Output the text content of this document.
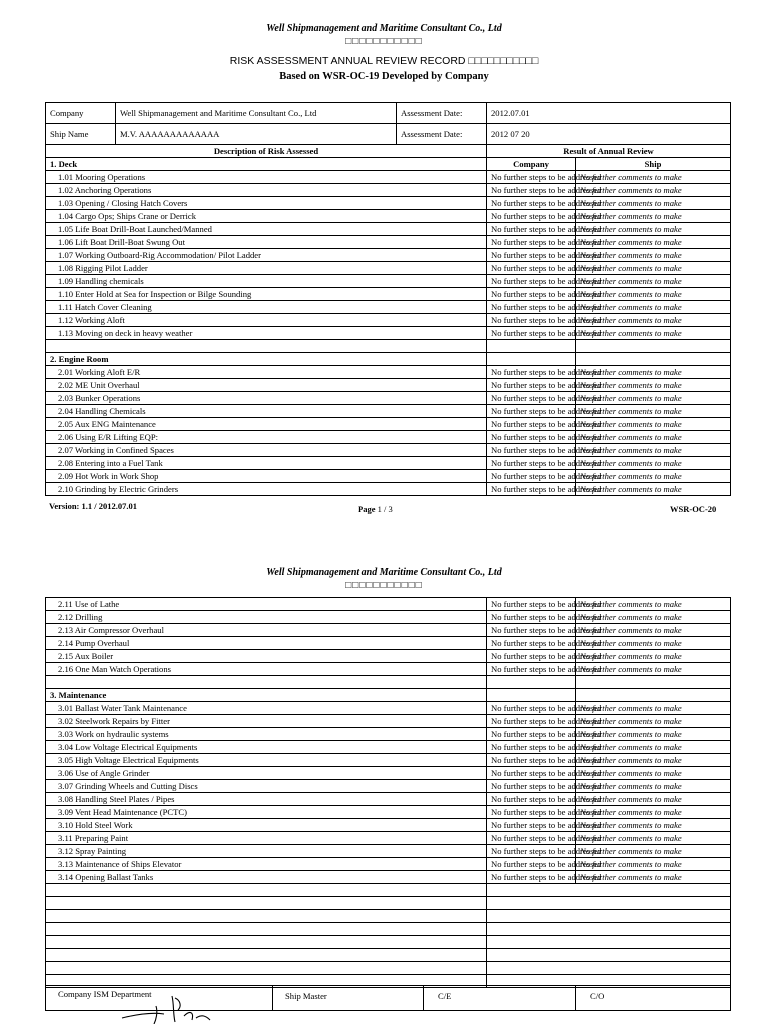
Well Shipmanagement and Maritime Consultant Co., Ltd
□□□□□□□□□□□
RISK ASSESSMENT ANNUAL REVIEW RECORD □□□□□□□□□□□
Based on WSR-OC-19 Developed by Company
Company	Well Shipmanagement and Maritime Consultant Co., Ltd	Assessment Date:	2012.07.01	
Ship Name	M.V. AAAAAAAAAAAAA	Assessment Date:	2012 07 20	
Description of Risk Assessed			Result of Annual Review	
1. Deck			Company	Ship
1.01 Mooring Operations			No further steps to be addressed	No further comments to make
1.02 Anchoring Operations			No further steps to be addressed	No further comments to make
1.03 Opening / Closing Hatch Covers			No further steps to be addressed	No further comments to make
1.04 Cargo Ops; Ships Crane or Derrick			No further steps to be addressed	No further comments to make
1.05 Life Boat Drill-Boat Launched/Manned			No further steps to be addressed	No further comments to make
1.06 Lift Boat Drill-Boat Swung Out			No further steps to be addressed	No further comments to make
1.07 Working Outboard-Rig Accommodation/ Pilot Ladder			No further steps to be addressed	No further comments to make
1.08 Rigging Pilot Ladder			No further steps to be addressed	No further comments to make
1.09 Handling chemicals			No further steps to be addressed	No further comments to make
1.10 Enter Hold at Sea for Inspection or Bilge Sounding			No further steps to be addressed	No further comments to make
1.11 Hatch Cover Cleaning			No further steps to be addressed	No further comments to make
1.12 Working Aloft			No further steps to be addressed	No further comments to make
1.13 Moving on deck in heavy weather			No further steps to be addressed	No further comments to make

2. Engine Room				
2.01 Working Aloft E/R			No further steps to be addressed	No further comments to make
2.02 ME Unit Overhaul			No further steps to be addressed	No further comments to make
2.03 Bunker Operations			No further steps to be addressed	No further comments to make
2.04 Handling Chemicals			No further steps to be addressed	No further comments to make
2.05 Aux ENG Maintenance			No further steps to be addressed	No further comments to make
2.06 Using E/R Lifting EQP:			No further steps to be addressed	No further comments to make
2.07 Working in Confined Spaces			No further steps to be addressed	No further comments to make
2.08 Entering into a Fuel Tank			No further steps to be addressed	No further comments to make
2.09 Hot Work in Work Shop			No further steps to be addressed	No further comments to make
2.10 Grinding by Electric Grinders			No further steps to be addressed	No further comments to make
Version: 1.1 / 2012.07.01	Page 1 / 3	WSR-OC-20
Well Shipmanagement and Maritime Consultant Co., Ltd
□□□□□□□□□□□
2.11 Use of Lathe	No further steps to be addressed	No further comments to make
2.12 Drilling	No further steps to be addressed	No further comments to make
2.13 Air Compressor Overhaul	No further steps to be addressed	No further comments to make
2.14 Pump Overhaul	No further steps to be addressed	No further comments to make
2.15 Aux Boiler	No further steps to be addressed	No further comments to make
2.16 One Man Watch Operations	No further steps to be addressed	No further comments to make

3. Maintenance		
3.01 Ballast Water Tank Maintenance	No further steps to be addressed	No further comments to make
3.02 Steelwork Repairs by Fitter	No further steps to be addressed	No further comments to make
3.03 Work on hydraulic systems	No further steps to be addressed	No further comments to make
3.04 Low Voltage Electrical Equipments	No further steps to be addressed	No further comments to make
3.05 High Voltage Electrical Equipments	No further steps to be addressed	No further comments to make
3.06 Use of Angle Grinder	No further steps to be addressed	No further comments to make
3.07 Grinding Wheels and Cutting Discs	No further steps to be addressed	No further comments to make
3.08 Handling Steel Plates / Pipes	No further steps to be addressed	No further comments to make
3.09 Vent Head Maintenance (PCTC)	No further steps to be addressed	No further comments to make
3.10 Hold Steel Work	No further steps to be addressed	No further comments to make
3.11 Preparing Paint	No further steps to be addressed	No further comments to make
3.12 Spray Painting	No further steps to be addressed	No further comments to make
3.13 Maintenance of Ships Elevator	No further steps to be addressed	No further comments to make
3.14 Opening Ballast Tanks	No further steps to be addressed	No further comments to make

Company ISM Department	Ship Master	C/E	C/O
